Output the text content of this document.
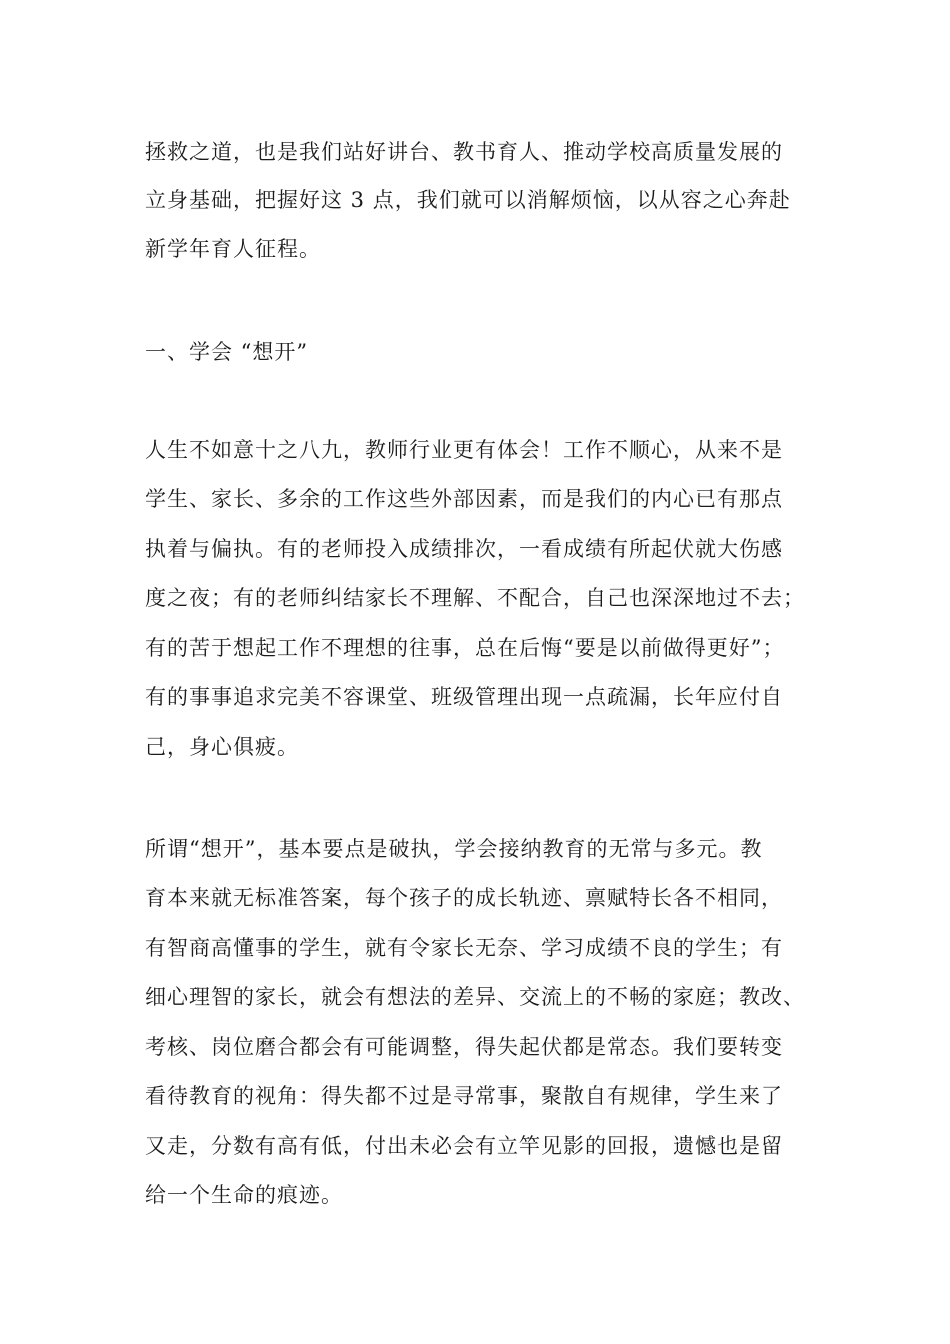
拯救之道，也是我们站好讲台、教书育人、推动学校高质量发展的
立身基础，把握好这 3 点，我们就可以消解烦恼，以从容之心奔赴
新学年育人征程。
一、学会 “想开”
人生不如意十之八九，教师行业更有体会！工作不顺心，从来不是
学生、家长、多余的工作这些外部因素，而是我们的内心已有那点
执着与偏执。有的老师投入成绩排次，一看成绩有所起伏就大伤感
度之夜；有的老师纠结家长不理解、不配合，自己也深深地过不去；
有的苦于想起工作不理想的往事，总在后悔“要是以前做得更好”；
有的事事追求完美不容课堂、班级管理出现一点疏漏，长年应付自
己，身心俱疲。
所谓“想开”，基本要点是破执，学会接纳教育的无常与多元。教
育本来就无标准答案，每个孩子的成长轨迹、禀赋特长各不相同，
有智商高懂事的学生，就有令家长无奈、学习成绩不良的学生；有
细心理智的家长，就会有想法的差异、交流上的不畅的家庭；教改、
考核、岗位磨合都会有可能调整，得失起伏都是常态。我们要转变
看待教育的视角：得失都不过是寻常事，聚散自有规律，学生来了
又走，分数有高有低，付出未必会有立竿见影的回报，遗憾也是留
给一个生命的痕迹。
